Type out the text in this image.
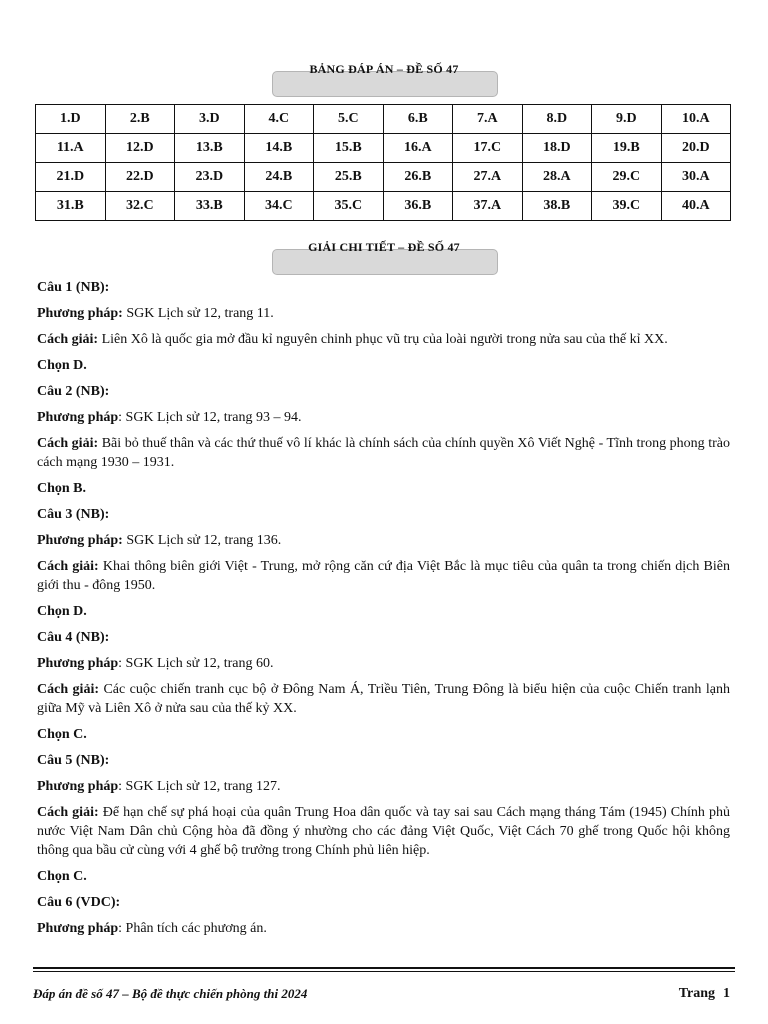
BẢNG ĐÁP ÁN – ĐỀ SỐ 47
1.D	2.B	3.D	4.C	5.C	6.B	7.A	8.D	9.D	10.A
11.A	12.D	13.B	14.B	15.B	16.A	17.C	18.D	19.B	20.D
21.D	22.D	23.D	24.B	25.B	26.B	27.A	28.A	29.C	30.A
31.B	32.C	33.B	34.C	35.C	36.B	37.A	38.B	39.C	40.A
GIẢI CHI TIẾT – ĐỀ SỐ 47

Câu 1 (NB):

Phương pháp: SGK Lịch sử 12, trang 11.

Cách giải: Liên Xô là quốc gia mở đầu kỉ nguyên chinh phục vũ trụ của loài người trong nửa sau của thế kỉ XX.

Chọn D.

Câu 2 (NB):

Phương pháp: SGK Lịch sử 12, trang 93 – 94.

Cách giải: Bãi bỏ thuế thân và các thứ thuế vô lí khác là chính sách của chính quyền Xô Viết Nghệ - Tĩnh trong phong trào cách mạng 1930 – 1931.

Chọn B.

Câu 3 (NB):

Phương pháp: SGK Lịch sử 12, trang 136.

Cách giải: Khai thông biên giới Việt - Trung, mở rộng căn cứ địa Việt Bắc là mục tiêu của quân ta trong chiến dịch Biên giới thu - đông 1950.

Chọn D.

Câu 4 (NB):

Phương pháp: SGK Lịch sử 12, trang 60.

Cách giải: Các cuộc chiến tranh cục bộ ở Đông Nam Á, Triều Tiên, Trung Đông là biểu hiện của cuộc Chiến tranh lạnh giữa Mỹ và Liên Xô ở nửa sau của thế kỷ XX.

Chọn C.

Câu 5 (NB):

Phương pháp: SGK Lịch sử 12, trang 127.

Cách giải: Để hạn chế sự phá hoại của quân Trung Hoa dân quốc và tay sai sau Cách mạng tháng Tám (1945) Chính phủ nước Việt Nam Dân chủ Cộng hòa đã đồng ý nhường cho các đảng Việt Quốc, Việt Cách 70 ghế trong Quốc hội không thông qua bầu cử cùng với 4 ghế bộ trưởng trong Chính phủ liên hiệp.

Chọn C.

Câu 6 (VDC):

Phương pháp: Phân tích các phương án.

Đáp án đề số 47 – Bộ đề thực chiến phòng thi 2024	Trang 1
